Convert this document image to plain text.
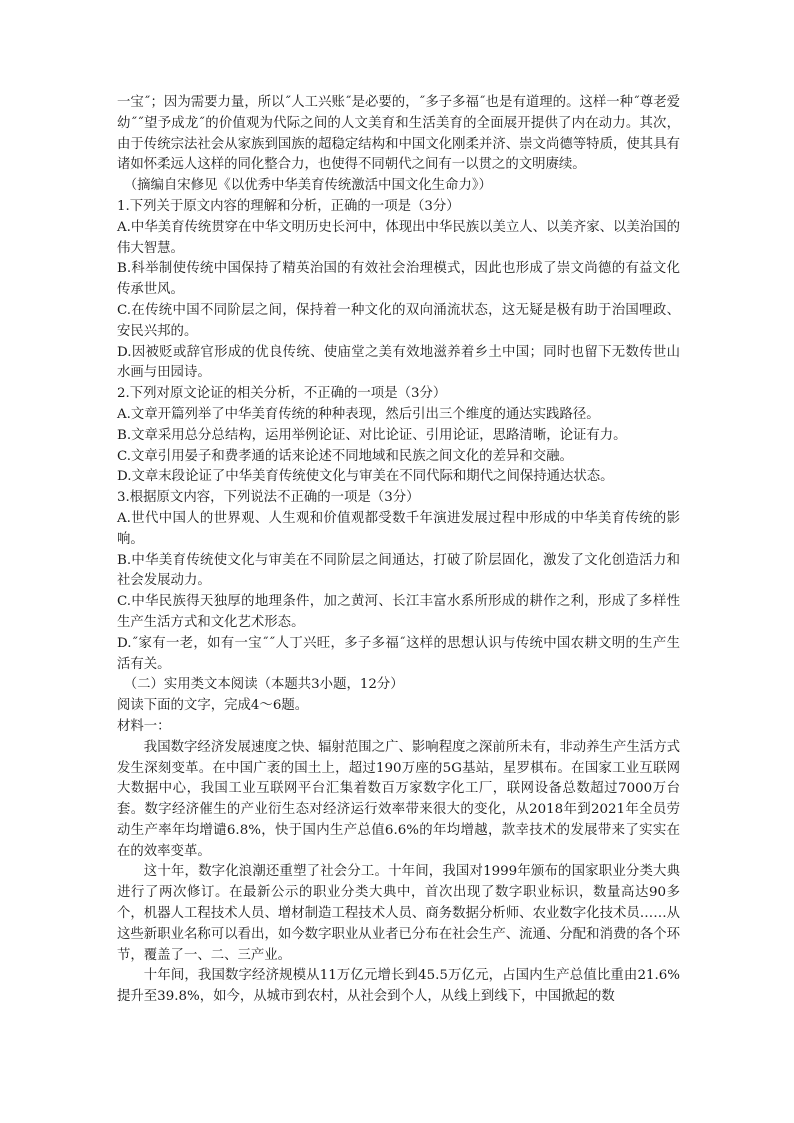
一宝˝；因为需要力量，所以˝人工兴账˝是必要的，˝多子多福˝也是有道理的。这样一种˝尊老爱幼˝˝望予成龙˝的价值观为代际之间的人文美育和生活美育的全面展开提供了内在动力。其次，由于传统宗法社会从家族到国族的超稳定结构和中国文化刚柔并济、崇文尚德等特质，使其具有诸如怀柔远人这样的同化整合力，也使得不同朝代之间有一以贯之的文明赓续。

（摘编自宋修见《以优秀中华美育传统激活中国文化生命力》）

1.下列关于原文内容的理解和分析，正确的一项是（3分）

A.中华美育传统贯穿在中华文明历史长河中，体现出中华民族以美立人、以美齐家、以美治国的伟大智慧。

B.科举制使传统中国保持了精英治国的有效社会治理模式，因此也形成了崇文尚德的有益文化传承世风。

C.在传统中国不同阶层之间，保持着一种文化的双向涌流状态，这无疑是极有助于治国哩政、安民兴邦的。

D.因被贬或辞官形成的优良传统、使庙堂之美有效地滋养着乡土中国；同时也留下无数传世山水画与田园诗。

2.下列对原文论证的相关分析，不正确的一项是（3分）

A.文章开篇列举了中华美育传统的种种表现，然后引出三个维度的通达实践路径。

B.文章采用总分总结构，运用举例论证、对比论证、引用论证，思路清晰，论证有力。

C.文章引用晏子和费孝通的话来论述不同地域和民族之间文化的差异和交融。

D.文章末段论证了中华美育传统使文化与审美在不同代际和期代之间保持通达状态。

3.根据原文内容，下列说法不正确的一项是（3分）

A.世代中国人的世界观、人生观和价值观都受数千年演进发展过程中形成的中华美育传统的影响。

B.中华美育传统使文化与审美在不同阶层之间通达，打破了阶层固化，激发了文化创造活力和社会发展动力。

C.中华民族得天独厚的地理条件，加之黄河、长江丰富水系所形成的耕作之利，形成了多样性生产生活方式和文化艺术形态。

D.˝家有一老，如有一宝˝˝人丁兴旺，多子多福˝这样的思想认识与传统中国农耕文明的生产生活有关。

（二）实用类文本阅读（本题共3小题，12分）

阅读下面的文字，完成4～6题。

材料一：

我国数字经济发展速度之快、辐射范围之广、影响程度之深前所未有，非动养生产生活方式发生深刻变革。在中国广袤的国土上，超过190万座的5G基站，星罗棋布。在国家工业互联网大数据中心，我国工业互联网平台汇集着数百万家数字化工厂，联网设备总数超过7000万台套。数字经济催生的产业衍生态对经济运行效率带来很大的变化，从2018年到2021年全员劳动生产率年均增谴6.8%，快于国内生产总值6.6%的年均增越，款幸技术的发展带来了实实在在的效率变革。

这十年，数字化浪潮还重塑了社会分工。十年间，我国对1999年颁布的国家职业分类大典进行了两次修订。在最新公示的职业分类大典中，首次出现了数字职业标识，数量高达90多个，机器人工程技术人员、增材制造工程技术人员、商务数据分析师、农业数字化技术员……从这些新职业名称可以看出，如今数字职业从业者已分布在社会生产、流通、分配和消费的各个环节，覆盖了一、二、三产业。

十年间，我国数字经济规模从11万亿元增长到45.5万亿元，占国内生产总值比重由21.6%提升至39.8%，如今，从城市到农村，从社会到个人，从线上到线下，中国掀起的数
